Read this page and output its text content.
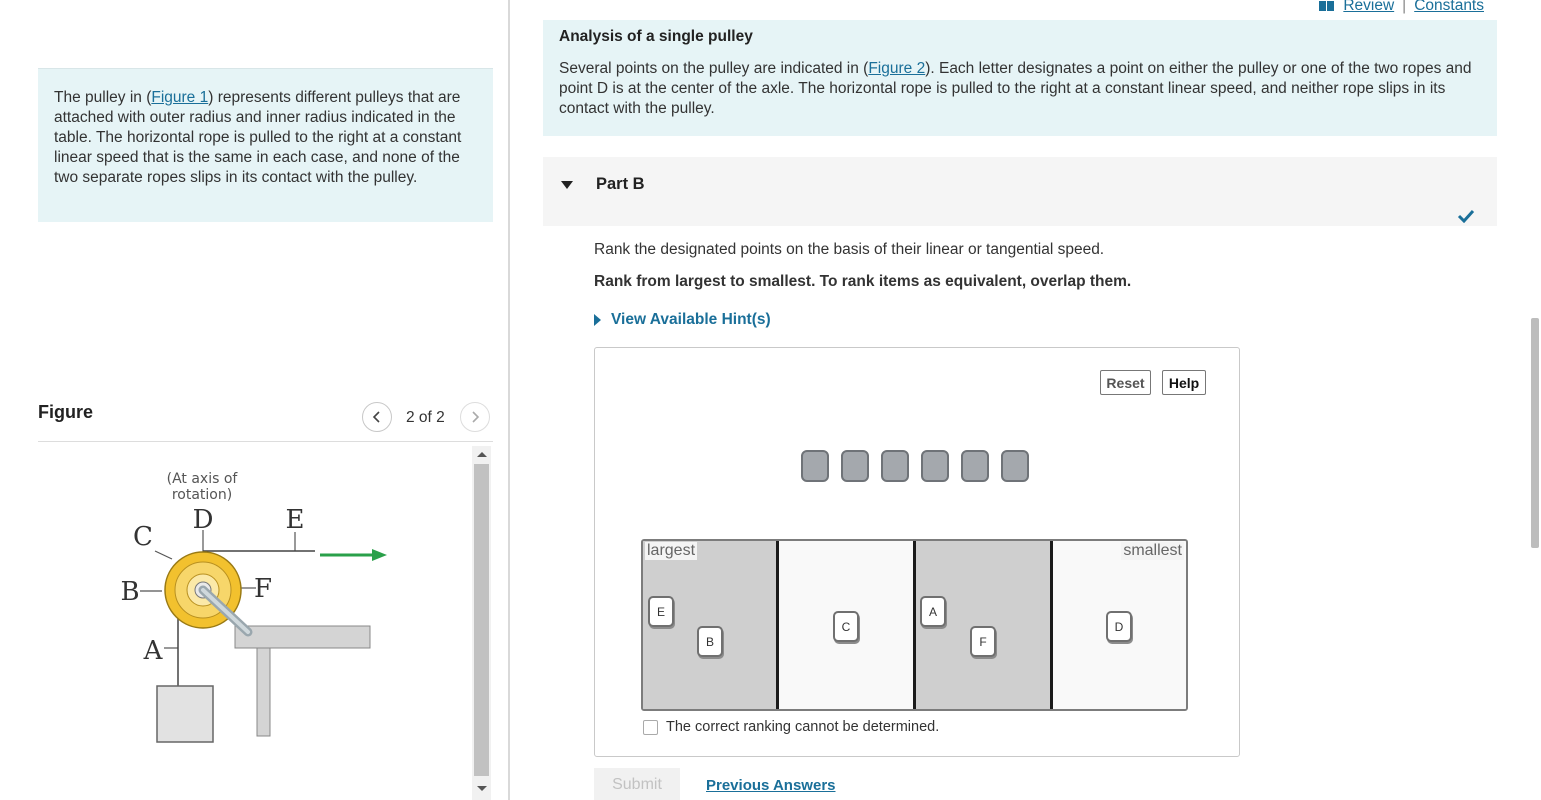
The pulley in (Figure 1) represents different pulleys that are attached with outer radius and inner radius indicated in the table. The horizontal rope is pulled to the right at a constant linear speed that is the same in each case, and none of the two separate ropes slips in its contact with the pulley.
Figure	2 of 2
(At axis of
rotation)
D	E
C
B	F
A
Review | Constants
Analysis of a single pulley
Several points on the pulley are indicated in (Figure 2). Each letter designates a point on either the pulley or one of the two ropes and point D is at the center of the axle. The horizontal rope is pulled to the right at a constant linear speed, and neither rope slips in its contact with the pulley.
Part B
Rank the designated points on the basis of their linear or tangential speed.
Rank from largest to smallest. To rank items as equivalent, overlap them.
View Available Hint(s)
Reset	Help
largest	smallest
E
B
C
A
F
D
The correct ranking cannot be determined.
Submit	Previous Answers
